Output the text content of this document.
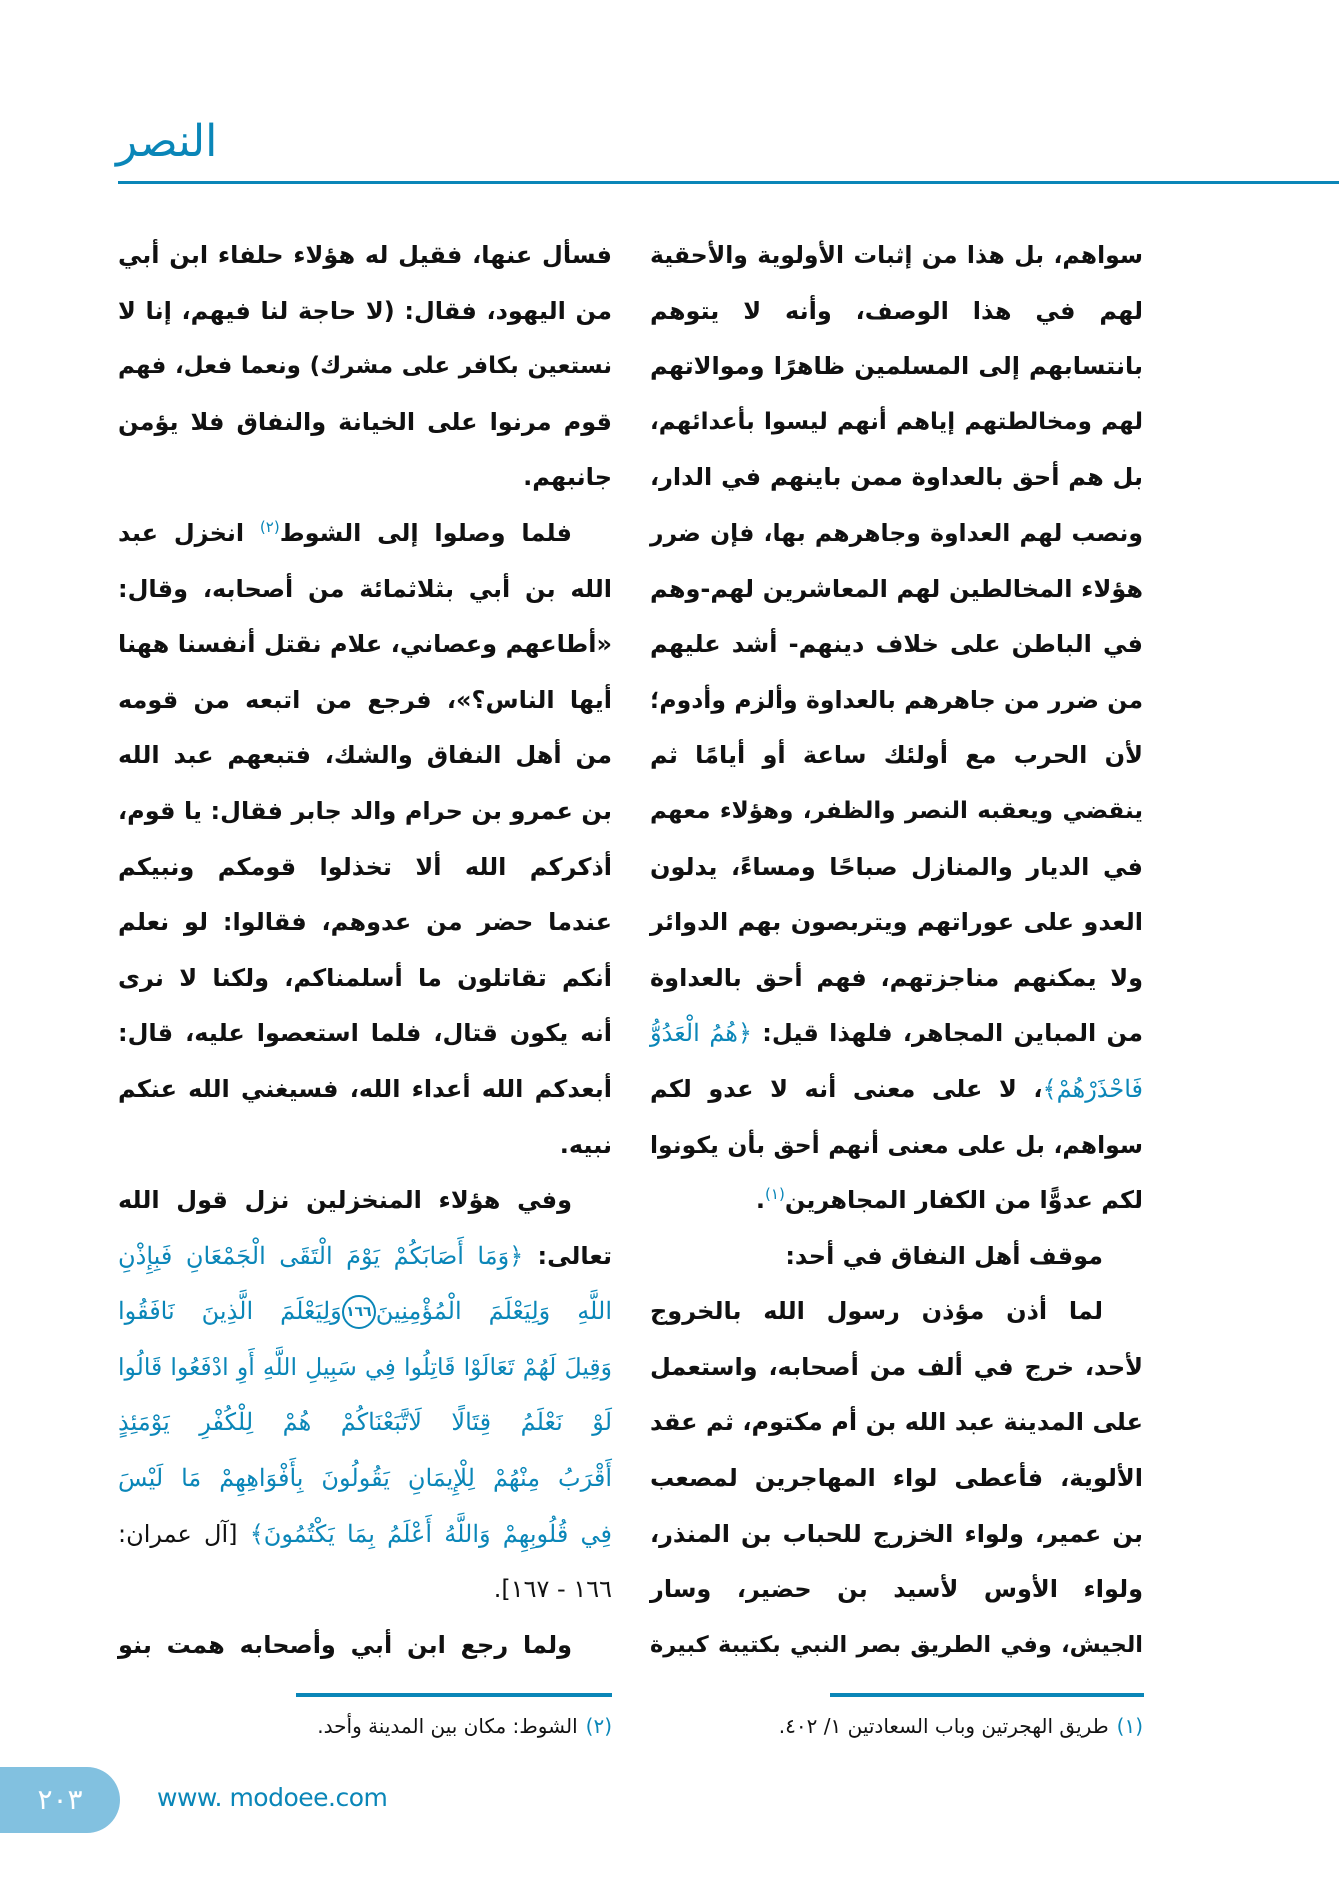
النصر
سواهم، بل هذا من إثبات الأولوية والأحقية
لهم في هذا الوصف، وأنه لا يتوهم
بانتسابهم إلى المسلمين ظاهرًا وموالاتهم
لهم ومخالطتهم إياهم أنهم ليسوا بأعدائهم،
بل هم أحق بالعداوة ممن باينهم في الدار،
ونصب لهم العداوة وجاهرهم بها، فإن ضرر
هؤلاء المخالطين لهم المعاشرين لهم-وهم
في الباطن على خلاف دينهم- أشد عليهم
من ضرر من جاهرهم بالعداوة وألزم وأدوم؛
لأن الحرب مع أولئك ساعة أو أيامًا ثم
ينقضي ويعقبه النصر والظفر، وهؤلاء معهم
في الديار والمنازل صباحًا ومساءً، يدلون
العدو على عوراتهم ويتربصون بهم الدوائر
ولا يمكنهم مناجزتهم، فهم أحق بالعداوة
من المباين المجاهر، فلهذا قيل: ﴿هُمُ الْعَدُوُّ
فَاحْذَرْهُمْ﴾، لا على معنى أنه لا عدو لكم
سواهم، بل على معنى أنهم أحق بأن يكونوا
لكم عدوًّا من الكفار المجاهرين$^{(١)}$.
موقف أهل النفاق في أحد:
لما أذن مؤذن رسول الله بالخروج
لأحد، خرج في ألف من أصحابه، واستعمل
على المدينة عبد الله بن أم مكتوم، ثم عقد
الألوية، فأعطى لواء المهاجرين لمصعب
بن عمير، ولواء الخزرج للحباب بن المنذر،
ولواء الأوس لأسيد بن حضير، وسار
الجيش، وفي الطريق بصر النبي بكتيبة كبيرة
فسأل عنها، فقيل له هؤلاء حلفاء ابن أبي
من اليهود، فقال: (لا حاجة لنا فيهم، إنا لا
نستعين بكافر على مشرك) ونعما فعل، فهم
قوم مرنوا على الخيانة والنفاق فلا يؤمن
جانبهم.
فلما وصلوا إلى الشوط$^{(٢)}$ انخزل عبد
الله بن أبي بثلاثمائة من أصحابه، وقال:
«أطاعهم وعصاني، علام نقتل أنفسنا ههنا
أيها الناس؟»، فرجع من اتبعه من قومه
من أهل النفاق والشك، فتبعهم عبد الله
بن عمرو بن حرام والد جابر فقال: يا قوم،
أذكركم الله ألا تخذلوا قومكم ونبيكم
عندما حضر من عدوهم، فقالوا: لو نعلم
أنكم تقاتلون ما أسلمناكم، ولكنا لا نرى
أنه يكون قتال، فلما استعصوا عليه، قال:
أبعدكم الله أعداء الله، فسيغني الله عنكم
نبيه.
وفي هؤلاء المنخزلين نزل قول الله
تعالى: ﴿وَمَا أَصَابَكُمْ يَوْمَ الْتَقَى الْجَمْعَانِ فَبِإِذْنِ
اللَّهِ وَلِيَعْلَمَ الْمُؤْمِنِينَ١٦٦وَلِيَعْلَمَ الَّذِينَ نَافَقُوا
وَقِيلَ لَهُمْ تَعَالَوْا قَاتِلُوا فِي سَبِيلِ اللَّهِ أَوِ ادْفَعُوا قَالُوا
لَوْ نَعْلَمُ قِتَالًا لَاتَّبَعْنَاكُمْ هُمْ لِلْكُفْرِ يَوْمَئِذٍ
أَقْرَبُ مِنْهُمْ لِلْإِيمَانِ يَقُولُونَ بِأَفْوَاهِهِمْ مَا لَيْسَ
فِي قُلُوبِهِمْ وَاللَّهُ أَعْلَمُ بِمَا يَكْتُمُونَ﴾ [آل عمران:
١٦٦ - ١٦٧].
ولما رجع ابن أبي وأصحابه همت بنو
(١)طريق الهجرتين وباب السعادتين ١/ ٤٠٢.
(٢)الشوط: مكان بين المدينة وأحد.
٢٠٣	www. modoee.com
